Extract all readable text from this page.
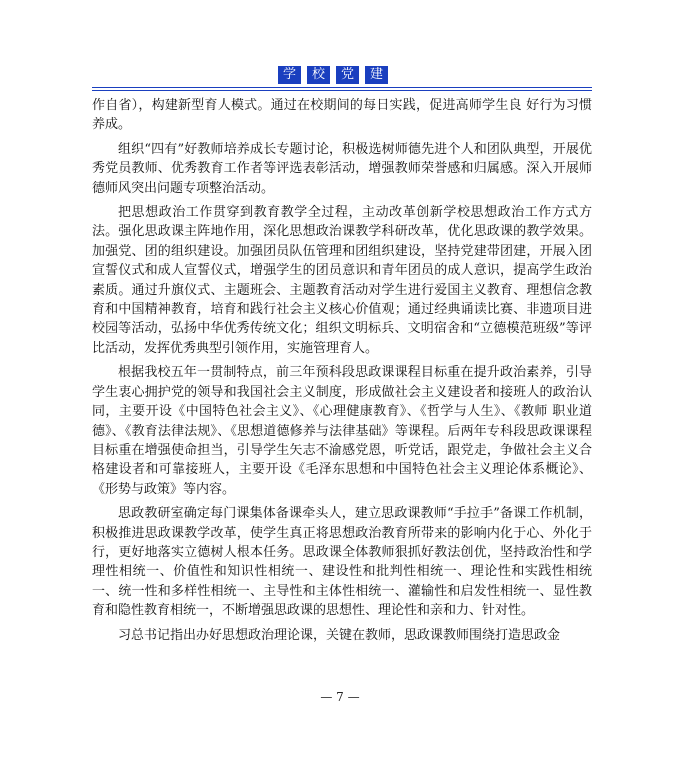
学	校	党	建

作自省），构建新型育人模式。通过在校期间的每日实践，促进高师学生良 好行为习惯养成。

组织“四有”好教师培养成长专题讨论，积极选树师德先进个人和团队典型，开展优秀党员教师、优秀教育工作者等评选表彰活动，增强教师荣誉感和归属感。深入开展师德师风突出问题专项整治活动。

把思想政治工作贯穿到教育教学全过程，主动改革创新学校思想政治工作方式方法。强化思政课主阵地作用，深化思想政治课教学科研改革，优化思政课的教学效果。加强党、团的组织建设。加强团员队伍管理和团组织建设，坚持党建带团建，开展入团宣誓仪式和成人宣誓仪式，增强学生的团员意识和青年团员的成人意识，提高学生政治素质。通过升旗仪式、主题班会、主题教育活动对学生进行爱国主义教育、理想信念教育和中国精神教育，培育和践行社会主义核心价值观；通过经典诵读比赛、非遗项目进校园等活动，弘扬中华优秀传统文化；组织文明标兵、文明宿舍和“立德模范班级”等评比活动，发挥优秀典型引领作用，实施管理育人。

根据我校五年一贯制特点，前三年预科段思政课课程目标重在提升政治素养，引导学生衷心拥护党的领导和我国社会主义制度，形成做社会主义建设者和接班人的政治认同，主要开设《中国特色社会主义》、《心理健康教育》、《哲学与人生》、《教师 职业道德》、《教育法律法规》、《思想道德修养与法律基础》等课程。后两年专科段思政课课程目标重在增强使命担当，引导学生矢志不渝感党恩，听党话，跟党走，争做社会主义合格建设者和可靠接班人，主要开设《毛泽东思想和中国特色社会主义理论体系概论》、《形势与政策》等内容。

思政教研室确定每门课集体备课牵头人，建立思政课教师“手拉手”备课工作机制，积极推进思政课教学改革，使学生真正将思想政治教育所带来的影响内化于心、外化于行，更好地落实立德树人根本任务。思政课全体教师狠抓好教法创优，坚持政治性和学理性相统一、价值性和知识性相统一、建设性和批判性相统一、理论性和实践性相统一、统一性和多样性相统一、主导性和主体性相统一、灌输性和启发性相统一、显性教育和隐性教育相统一，不断增强思政课的思想性、理论性和亲和力、针对性。

习总书记指出办好思想政治理论课，关键在教师，思政课教师围绕打造思政金

— 7 —
